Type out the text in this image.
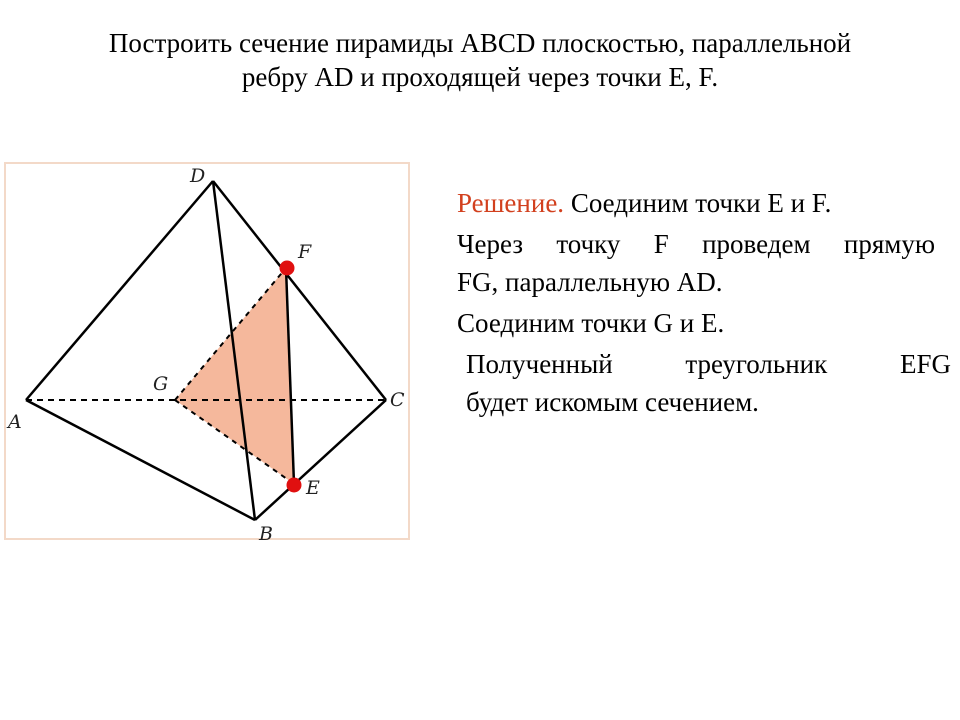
Построить сечение пирамиды ABCD плоскостью, параллельной
ребру AD и проходящей через точки E, F.
D
F
G
C
A
E
B
Решение. Соединим точки E и F.
Через точку F проведем прямую
FG, параллельную AD.
Соединим точки G и E.
Полученный треугольник EFG
будет искомым сечением.
